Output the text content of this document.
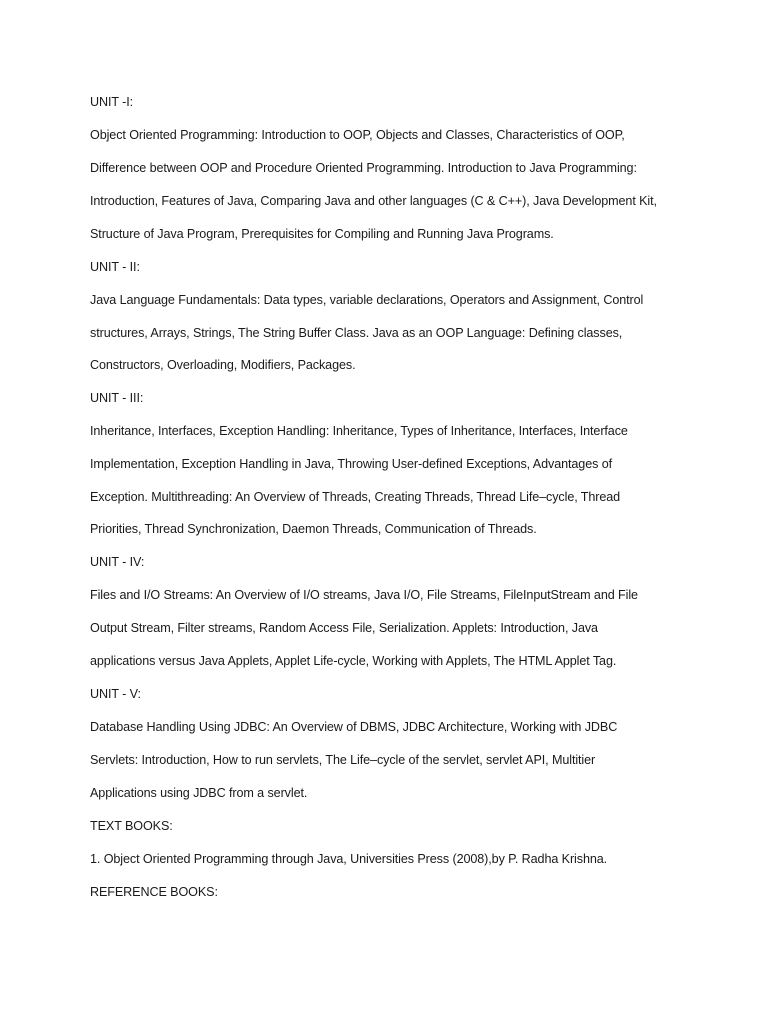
UNIT -I:

Object Oriented Programming: Introduction to OOP, Objects and Classes, Characteristics of OOP,

Difference between OOP and Procedure Oriented Programming. Introduction to Java Programming:

Introduction, Features of Java, Comparing Java and other languages (C & C++), Java Development Kit,

Structure of Java Program, Prerequisites for Compiling and Running Java Programs.

UNIT - II:

Java Language Fundamentals: Data types, variable declarations, Operators and Assignment, Control

structures, Arrays, Strings, The String Buffer Class. Java as an OOP Language: Defining classes,

Constructors, Overloading, Modifiers, Packages.

UNIT - III:

Inheritance, Interfaces, Exception Handling: Inheritance, Types of Inheritance, Interfaces, Interface

Implementation, Exception Handling in Java, Throwing User-defined Exceptions, Advantages of

Exception. Multithreading: An Overview of Threads, Creating Threads, Thread Life–cycle, Thread

Priorities, Thread Synchronization, Daemon Threads, Communication of Threads.

UNIT - IV:

Files and I/O Streams: An Overview of I/O streams, Java I/O, File Streams, FileInputStream and File

Output Stream, Filter streams, Random Access File, Serialization. Applets: Introduction, Java

applications versus Java Applets, Applet Life-cycle, Working with Applets, The HTML Applet Tag.

UNIT - V:

Database Handling Using JDBC: An Overview of DBMS, JDBC Architecture, Working with JDBC

Servlets: Introduction, How to run servlets, The Life–cycle of the servlet, servlet API, Multitier

Applications using JDBC from a servlet.

TEXT BOOKS:

1. Object Oriented Programming through Java, Universities Press (2008),by P. Radha Krishna.

REFERENCE BOOKS:
